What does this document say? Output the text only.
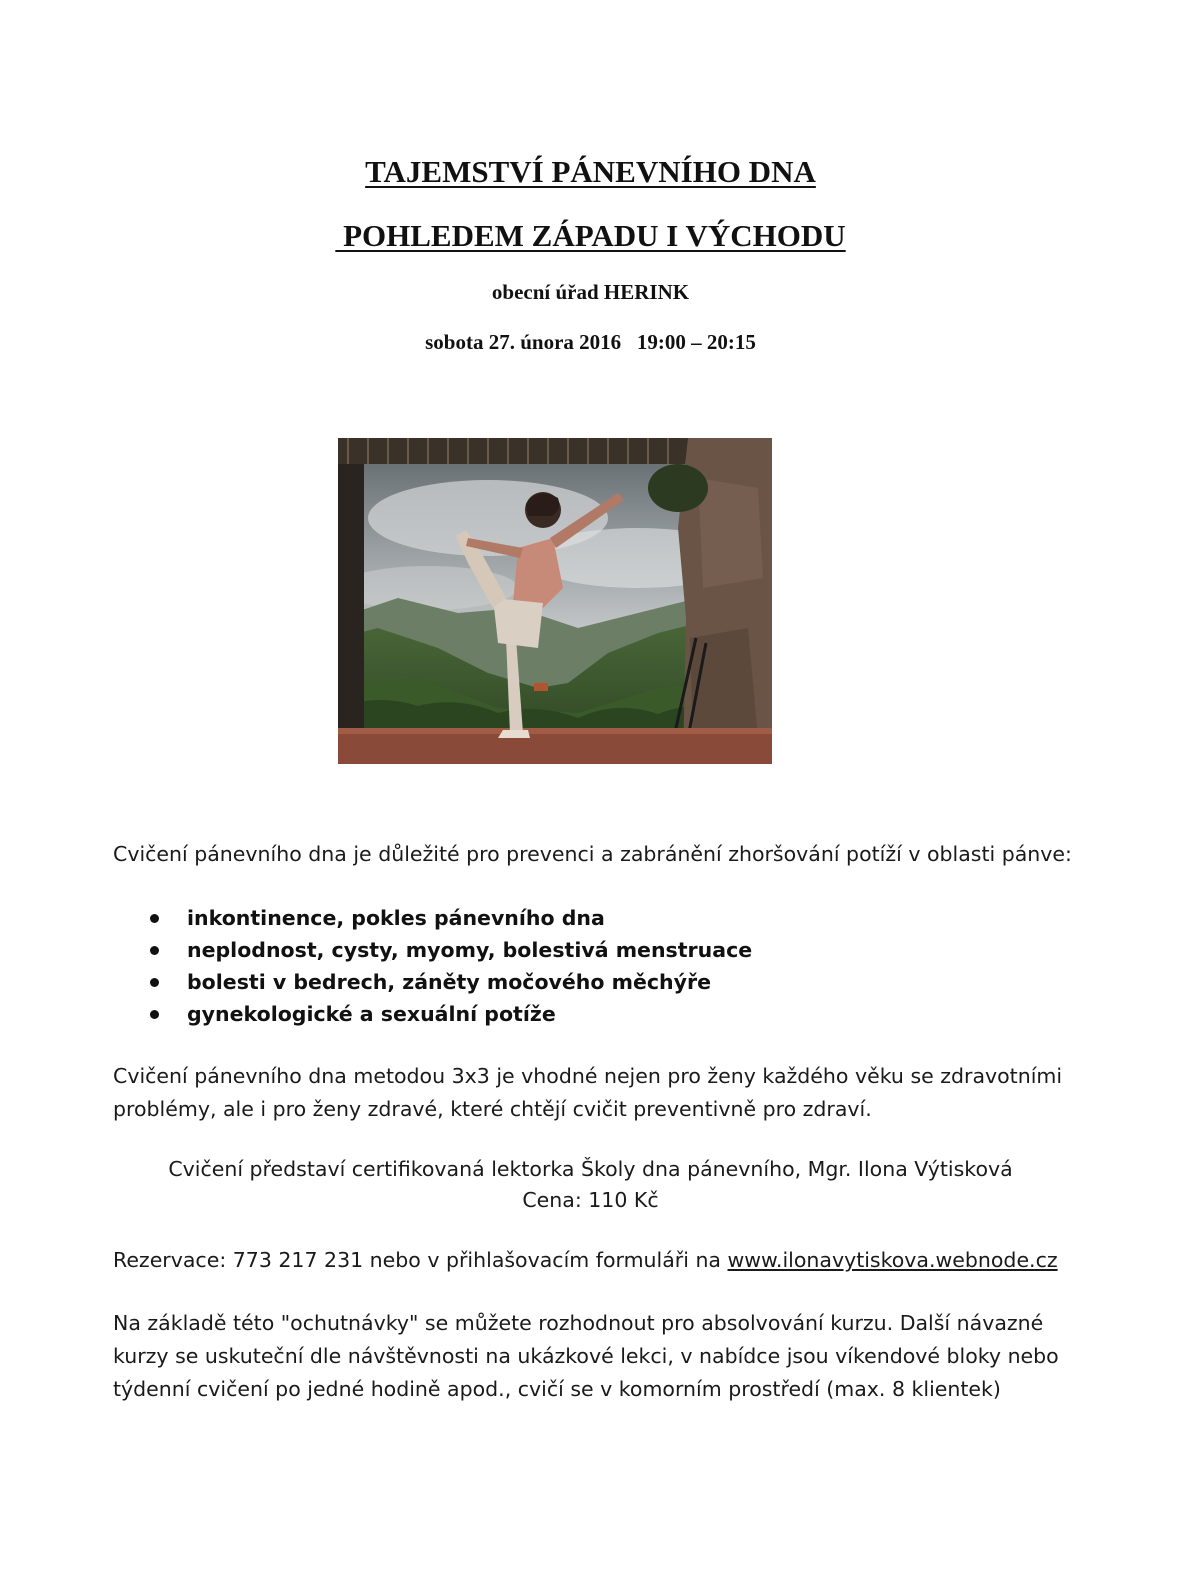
TAJEMSTVÍ PÁNEVNÍHO DNA
POHLEDEM ZÁPADU I VÝCHODU
obecní úřad HERINK
sobota 27. února 2016   19:00 – 20:15
Cvičení pánevního dna je důležité pro prevenci a zabránění zhoršování potíží v oblasti pánve:
inkontinence, pokles pánevního dna
neplodnost, cysty, myomy, bolestivá menstruace
bolesti v bedrech, záněty močového měchýře
gynekologické a sexuální potíže
Cvičení pánevního dna metodou 3x3 je vhodné nejen pro ženy každého věku se zdravotními problémy, ale i pro ženy zdravé, které chtějí cvičit preventivně pro zdraví.
Cvičení představí certifikovaná lektorka Školy dna pánevního, Mgr. Ilona Výtisková
Cena: 110 Kč
Rezervace: 773 217 231 nebo v přihlašovacím formuláři na www.ilonavytiskova.webnode.cz
Na základě této "ochutnávky" se můžete rozhodnout pro absolvování kurzu. Další návazné kurzy se uskuteční dle návštěvnosti na ukázkové lekci, v nabídce jsou víkendové bloky nebo týdenní cvičení po jedné hodině apod., cvičí se v komorním prostředí (max. 8 klientek)
